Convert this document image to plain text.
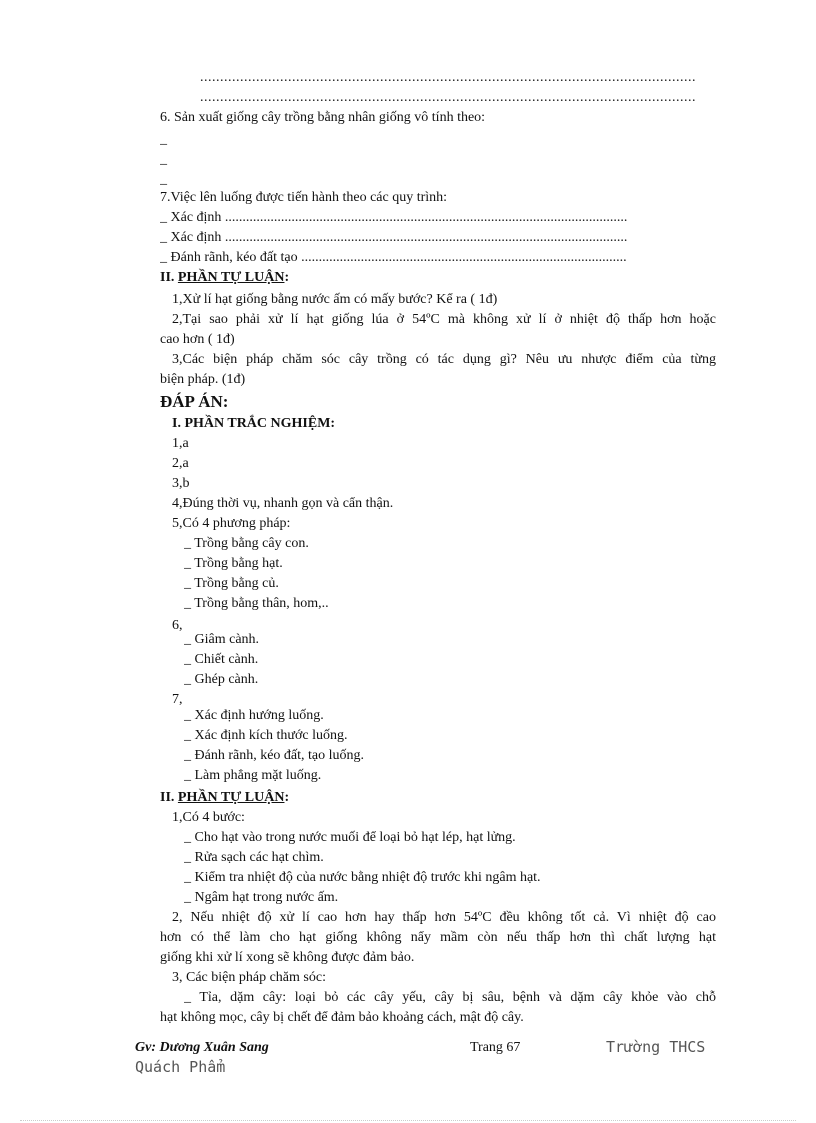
............................................................................................................................
............................................................................................................................
6. Sản xuất giống cây trồng bằng nhân giống vô tính theo:
_
_
_
7.Việc lên luống được tiến hành theo các quy trình:
_ Xác định ...................................................................................................................
_ Xác định ...................................................................................................................
_ Đánh rãnh, kéo đất tạo .............................................................................................
II. PHẦN TỰ LUẬN:
1,Xử lí hạt giống bằng nước ấm có mấy bước? Kể ra ( 1đ)
2,Tại sao phải xử lí hạt giống lúa ở 54ºC mà không xử lí ở nhiệt độ thấp hơn hoặc
cao hơn ( 1đ)
3,Các biện pháp chăm sóc cây trồng có tác dụng gì? Nêu ưu nhược điểm của từng
biện pháp. (1đ)
ĐÁP ÁN:
I. PHẦN TRẮC NGHIỆM:
1,a
2,a
3,b
4,Đúng thời vụ, nhanh gọn và cẩn thận.
5,Có 4 phương pháp:
_ Trồng bằng cây con.
_ Trồng bằng hạt.
_ Trồng bằng củ.
_ Trồng bằng thân, hom,..
6,
_ Giâm cành.
_ Chiết cành.
_ Ghép cành.
7,
_ Xác định hướng luống.
_ Xác định kích thước luống.
_ Đánh rãnh, kéo đất, tạo luống.
_ Làm phẳng mặt luống.
II. PHẦN TỰ LUẬN:
1,Có 4 bước:
_ Cho hạt vào trong nước muối để loại bỏ hạt lép, hạt lửng.
_ Rửa sạch các hạt chìm.
_ Kiểm tra nhiệt độ của nước bằng nhiệt độ trước khi ngâm hạt.
_ Ngâm hạt trong nước ấm.
2, Nếu nhiệt độ xử lí cao hơn hay thấp hơn 54ºC đều không tốt cả. Vì nhiệt độ cao
hơn có thể làm cho hạt giống không nẩy mầm còn nếu thấp hơn thì chất lượng hạt
giống khi xử lí xong sẽ không được đảm bảo.
3, Các biện pháp chăm sóc:
_ Tỉa, dặm cây: loại bỏ các cây yếu, cây bị sâu, bệnh và dặm cây khỏe vào chỗ
hạt không mọc, cây bị chết để đảm bảo khoảng cách, mật độ cây.
Gv: Dương Xuân Sang	Trang 67	Trường THCS
Quách Phẩm
